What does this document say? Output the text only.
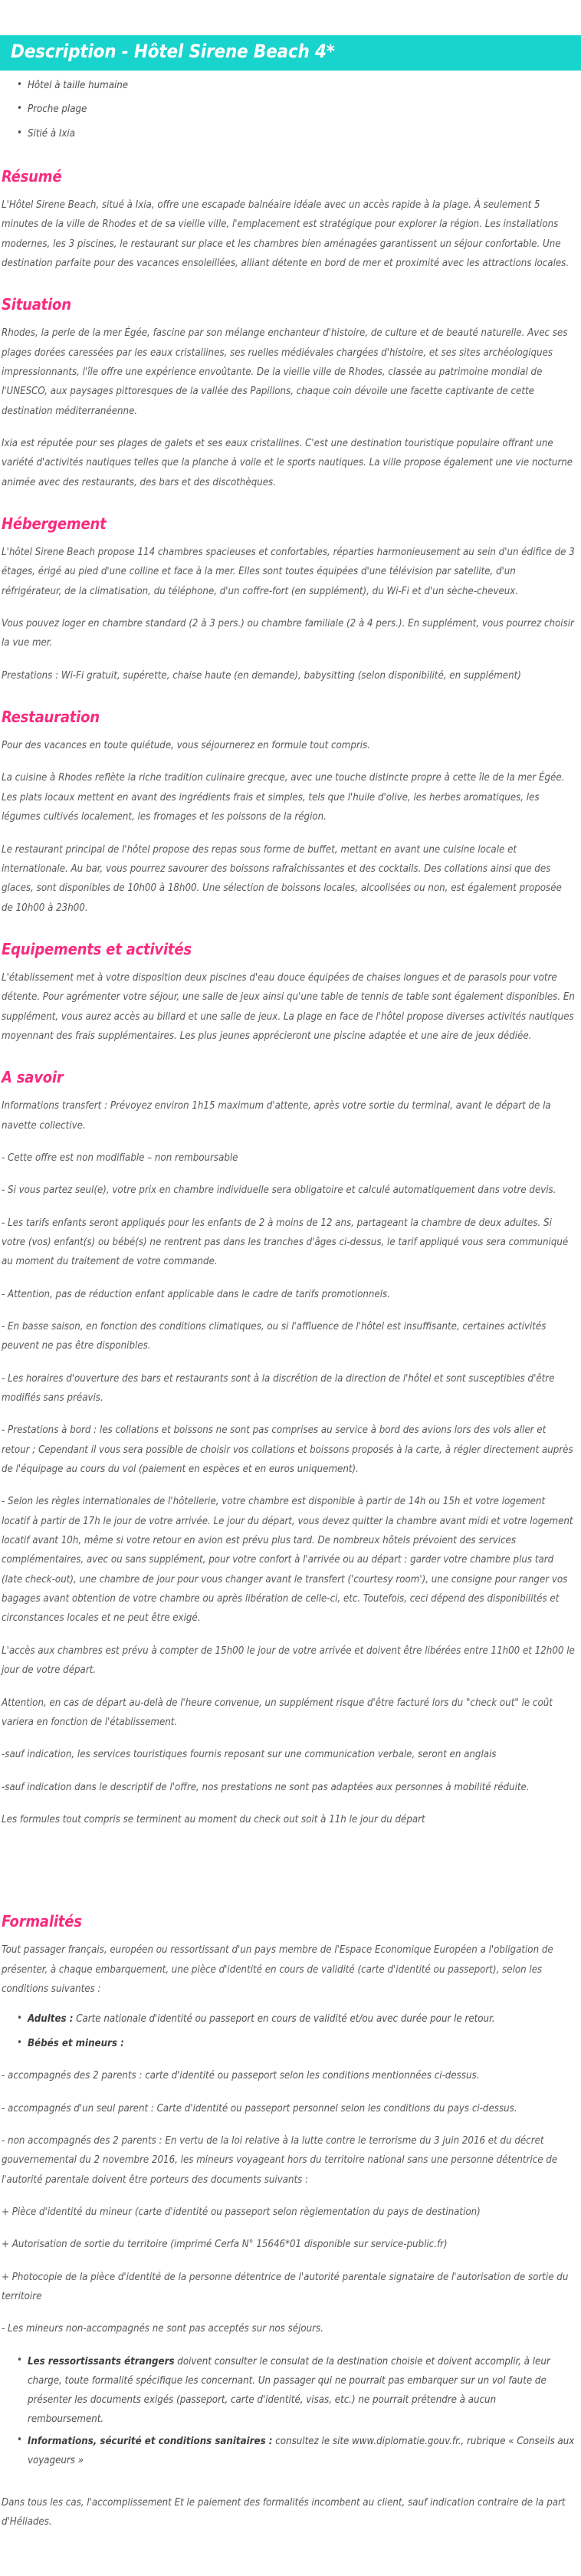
Description - Hôtel Sirene Beach 4*
• Hôtel à taille humaine
• Proche plage
• Sitié à Ixia
Résumé

L'Hôtel Sirene Beach, situé à Ixia, offre une escapade balnéaire idéale avec un accès rapide à la plage. À seulement 5 minutes de la ville de Rhodes et de sa vieille ville, l'emplacement est stratégique pour explorer la région. Les installations modernes, les 3 piscines, le restaurant sur place et les chambres bien aménagées garantissent un séjour confortable. Une destination parfaite pour des vacances ensoleillées, alliant détente en bord de mer et proximité avec les attractions locales.

Situation

Rhodes, la perle de la mer Égée, fascine par son mélange enchanteur d'histoire, de culture et de beauté naturelle. Avec ses plages dorées caressées par les eaux cristallines, ses ruelles médiévales chargées d'histoire, et ses sites archéologiques impressionnants, l'île offre une expérience envoûtante. De la vieille ville de Rhodes, classée au patrimoine mondial de l'UNESCO, aux paysages pittoresques de la vallée des Papillons, chaque coin dévoile une facette captivante de cette destination méditerranéenne.

Ixia est réputée pour ses plages de galets et ses eaux cristallines. C'est une destination touristique populaire offrant une variété d'activités nautiques telles que la planche à voile et le sports nautiques. La ville propose également une vie nocturne animée avec des restaurants, des bars et des discothèques.

Hébergement

L'hôtel Sirene Beach propose 114 chambres spacieuses et confortables, réparties harmonieusement au sein d'un édifice de 3 étages, érigé au pied d'une colline et face à la mer. Elles sont toutes équipées d'une télévision par satellite, d'un réfrigérateur, de la climatisation, du téléphone, d'un coffre-fort (en supplément), du Wi-Fi et d'un sèche-cheveux.

Vous pouvez loger en chambre standard (2 à 3 pers.) ou chambre familiale (2 à 4 pers.). En supplément, vous pourrez choisir la vue mer.

Prestations : Wi-Fi gratuit, supérette, chaise haute (en demande), babysitting (selon disponibilité, en supplément)

Restauration

Pour des vacances en toute quiétude, vous séjournerez en formule tout compris.

La cuisine à Rhodes reflète la riche tradition culinaire grecque, avec une touche distincte propre à cette île de la mer Égée. Les plats locaux mettent en avant des ingrédients frais et simples, tels que l'huile d'olive, les herbes aromatiques, les légumes cultivés localement, les fromages et les poissons de la région.

Le restaurant principal de l'hôtel propose des repas sous forme de buffet, mettant en avant une cuisine locale et internationale. Au bar, vous pourrez savourer des boissons rafraîchissantes et des cocktails. Des collations ainsi que des glaces, sont disponibles de 10h00 à 18h00. Une sélection de boissons locales, alcoolisées ou non, est également proposée de 10h00 à 23h00.

Equipements et activités

L'établissement met à votre disposition deux piscines d'eau douce équipées de chaises longues et de parasols pour votre détente. Pour agrémenter votre séjour, une salle de jeux ainsi qu'une table de tennis de table sont également disponibles. En supplément, vous aurez accès au billard et une salle de jeux. La plage en face de l'hôtel propose diverses activités nautiques moyennant des frais supplémentaires. Les plus jeunes apprécieront une piscine adaptée et une aire de jeux dédiée.

A savoir

Informations transfert : Prévoyez environ 1h15 maximum d'attente, après votre sortie du terminal, avant le départ de la navette collective.

- Cette offre est non modifiable – non remboursable

- Si vous partez seul(e), votre prix en chambre individuelle sera obligatoire et calculé automatiquement dans votre devis.

- Les tarifs enfants seront appliqués pour les enfants de 2 à moins de 12 ans, partageant la chambre de deux adultes. Si votre (vos) enfant(s) ou bébé(s) ne rentrent pas dans les tranches d'âges ci-dessus, le tarif appliqué vous sera communiqué au moment du traitement de votre commande.

- Attention, pas de réduction enfant applicable dans le cadre de tarifs promotionnels.

- En basse saison, en fonction des conditions climatiques, ou si l'affluence de l'hôtel est insuffisante, certaines activités peuvent ne pas être disponibles.

- Les horaires d'ouverture des bars et restaurants sont à la discrétion de la direction de l'hôtel et sont susceptibles d'être modifiés sans préavis.

- Prestations à bord : les collations et boissons ne sont pas comprises au service à bord des avions lors des vols aller et retour ; Cependant il vous sera possible de choisir vos collations et boissons proposés à la carte, à régler directement auprès de l'équipage au cours du vol (paiement en espèces et en euros uniquement).

- Selon les règles internationales de l'hôtellerie, votre chambre est disponible à partir de 14h ou 15h et votre logement locatif à partir de 17h le jour de votre arrivée. Le jour du départ, vous devez quitter la chambre avant midi et votre logement locatif avant 10h, même si votre retour en avion est prévu plus tard. De nombreux hôtels prévoient des services complémentaires, avec ou sans supplément, pour votre confort à l'arrivée ou au départ : garder votre chambre plus tard (late check-out), une chambre de jour pour vous changer avant le transfert ('courtesy room'), une consigne pour ranger vos bagages avant obtention de votre chambre ou après libération de celle-ci, etc. Toutefois, ceci dépend des disponibilités et circonstances locales et ne peut être exigé.

L'accès aux chambres est prévu à compter de 15h00 le jour de votre arrivée et doivent être libérées entre 11h00 et 12h00 le jour de votre départ.

Attention, en cas de départ au-delà de l'heure convenue, un supplément risque d'être facturé lors du "check out" le coût variera en fonction de l'établissement.

-sauf indication, les services touristiques fournis reposant sur une communication verbale, seront en anglais

-sauf indication dans le descriptif de l'offre, nos prestations ne sont pas adaptées aux personnes à mobilité réduite.

Les formules tout compris se terminent au moment du check out soit à 11h le jour du départ

Formalités

Tout passager français, européen ou ressortissant d'un pays membre de l'Espace Economique Européen a l'obligation de présenter, à chaque embarquement, une pièce d'identité en cours de validité (carte d'identité ou passeport), selon les conditions suivantes :

• Adultes : Carte nationale d'identité ou passeport en cours de validité et/ou avec durée pour le retour.
• Bébés et mineurs :

- accompagnés des 2 parents : carte d'identité ou passeport selon les conditions mentionnées ci-dessus.

- accompagnés d'un seul parent : Carte d'identité ou passeport personnel selon les conditions du pays ci-dessus.

- non accompagnés des 2 parents : En vertu de la loi relative à la lutte contre le terrorisme du 3 juin 2016 et du décret gouvernemental du 2 novembre 2016, les mineurs voyageant hors du territoire national sans une personne détentrice de l'autorité parentale doivent être porteurs des documents suivants :

+ Pièce d'identité du mineur (carte d'identité ou passeport selon règlementation du pays de destination)

+ Autorisation de sortie du territoire (imprimé Cerfa N° 15646*01 disponible sur service-public.fr)

+ Photocopie de la pièce d'identité de la personne détentrice de l'autorité parentale signataire de l'autorisation de sortie du territoire

- Les mineurs non-accompagnés ne sont pas acceptés sur nos séjours.

• Les ressortissants étrangers doivent consulter le consulat de la destination choisie et doivent accomplir, à leur charge, toute formalité spécifique les concernant. Un passager qui ne pourrait pas embarquer sur un vol faute de présenter les documents exigés (passeport, carte d'identité, visas, etc.) ne pourrait prétendre à aucun remboursement.
• Informations, sécurité et conditions sanitaires : consultez le site www.diplomatie.gouv.fr., rubrique « Conseils aux voyageurs »

Dans tous les cas, l'accomplissement Et le paiement des formalités incombent au client, sauf indication contraire de la part d'Héliades.
